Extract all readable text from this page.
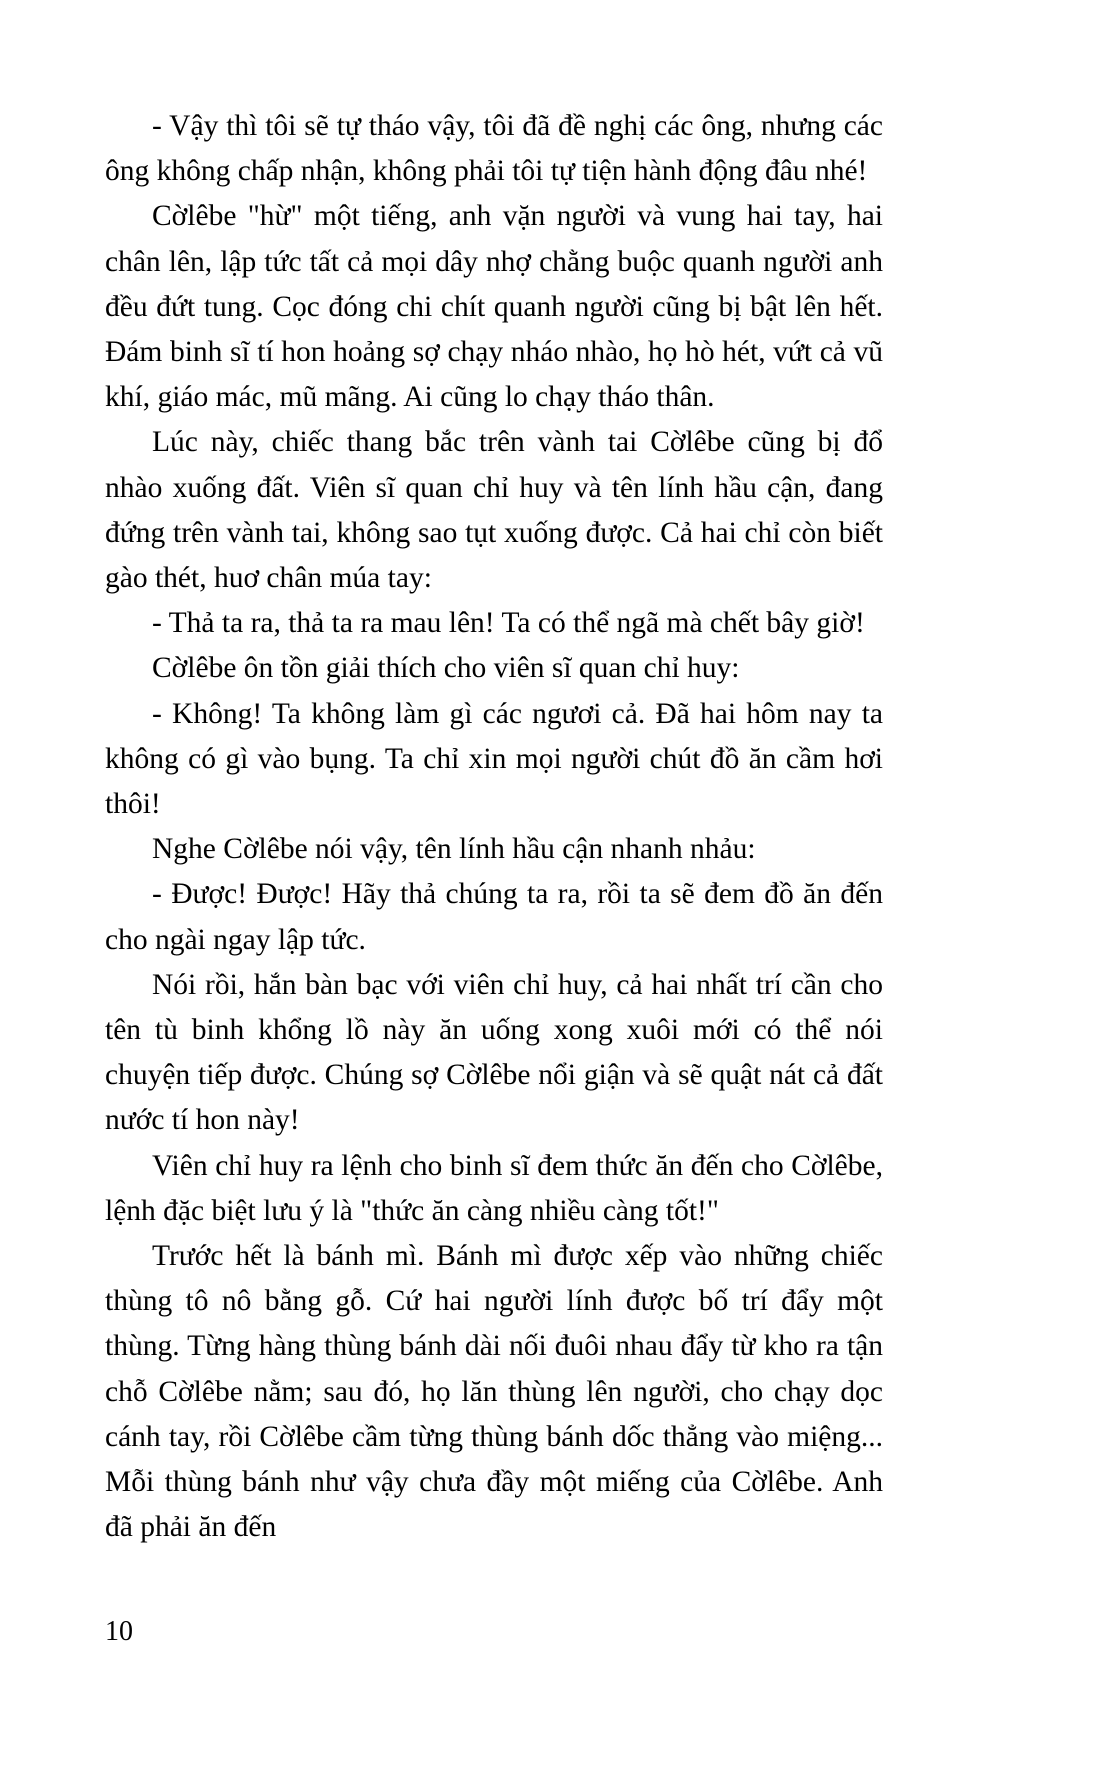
- Vậy thì tôi sẽ tự tháo vậy, tôi đã đề nghị các ông, nhưng các ông không chấp nhận, không phải tôi tự tiện hành động đâu nhé!

Cờlêbe "hừ" một tiếng, anh vặn người và vung hai tay, hai chân lên, lập tức tất cả mọi dây nhợ chằng buộc quanh người anh đều đứt tung. Cọc đóng chi chít quanh người cũng bị bật lên hết. Đám binh sĩ tí hon hoảng sợ chạy nháo nhào, họ hò hét, vứt cả vũ khí, giáo mác, mũ mãng. Ai cũng lo chạy tháo thân.

Lúc này, chiếc thang bắc trên vành tai Cờlêbe cũng bị đổ nhào xuống đất. Viên sĩ quan chỉ huy và tên lính hầu cận, đang đứng trên vành tai, không sao tụt xuống được. Cả hai chỉ còn biết gào thét, huơ chân múa tay:

- Thả ta ra, thả ta ra mau lên! Ta có thể ngã mà chết bây giờ!

Cờlêbe ôn tồn giải thích cho viên sĩ quan chỉ huy:

- Không! Ta không làm gì các ngươi cả. Đã hai hôm nay ta không có gì vào bụng. Ta chỉ xin mọi người chút đồ ăn cầm hơi thôi!

Nghe Cờlêbe nói vậy, tên lính hầu cận nhanh nhảu:

- Được! Được! Hãy thả chúng ta ra, rồi ta sẽ đem đồ ăn đến cho ngài ngay lập tức.

Nói rồi, hắn bàn bạc với viên chỉ huy, cả hai nhất trí cần cho tên tù binh khổng lồ này ăn uống xong xuôi mới có thể nói chuyện tiếp được. Chúng sợ Cờlêbe nổi giận và sẽ quật nát cả đất nước tí hon này!

Viên chỉ huy ra lệnh cho binh sĩ đem thức ăn đến cho Cờlêbe, lệnh đặc biệt lưu ý là "thức ăn càng nhiều càng tốt!"

Trước hết là bánh mì. Bánh mì được xếp vào những chiếc thùng tô nô bằng gỗ. Cứ hai người lính được bố trí đẩy một thùng. Từng hàng thùng bánh dài nối đuôi nhau đẩy từ kho ra tận chỗ Cờlêbe nằm; sau đó, họ lăn thùng lên người, cho chạy dọc cánh tay, rồi Cờlêbe cầm từng thùng bánh dốc thẳng vào miệng... Mỗi thùng bánh như vậy chưa đầy một miếng của Cờlêbe. Anh đã phải ăn đến

10
